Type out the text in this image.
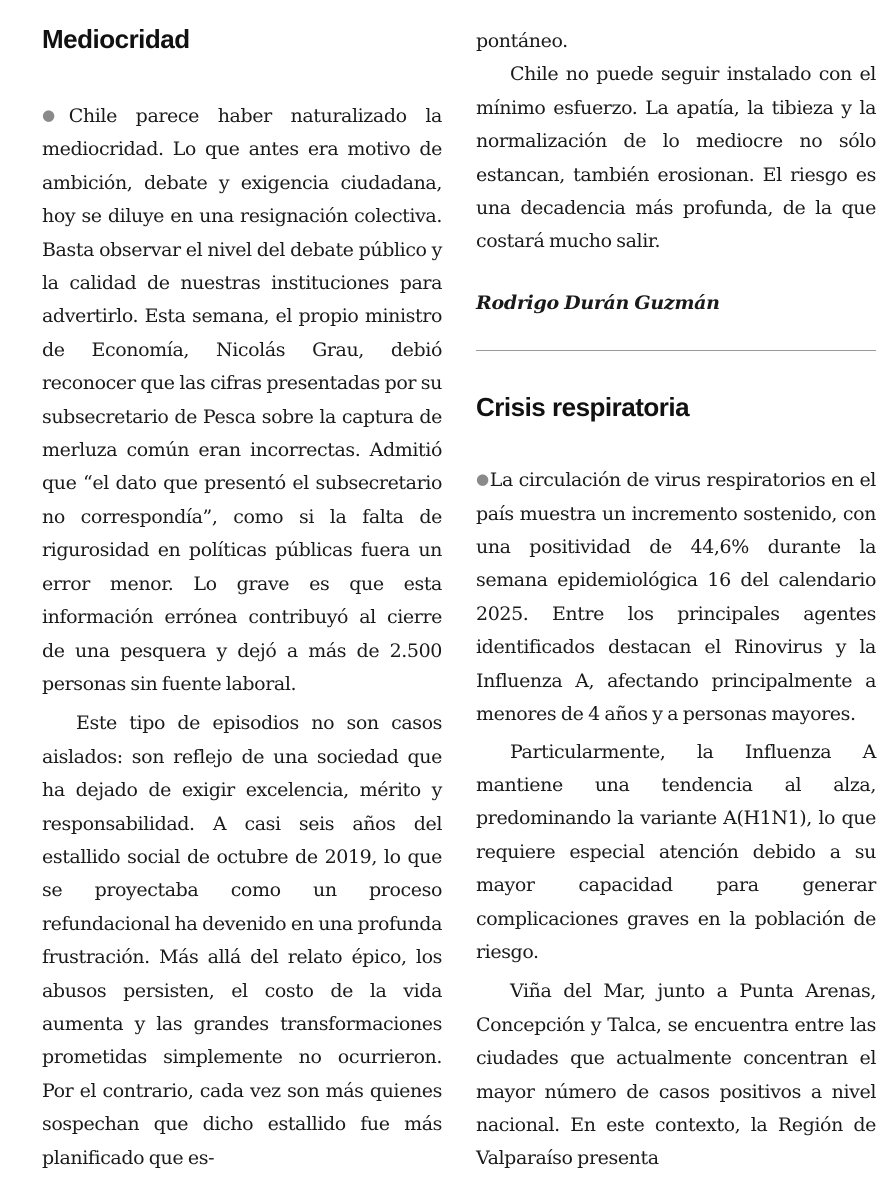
Mediocridad

●Chile parece haber naturalizado la mediocridad. Lo que antes era motivo de ambición, debate y exigencia ciudadana, hoy se diluye en una resignación colectiva. Basta observar el nivel del debate público y la calidad de nuestras instituciones para advertirlo. Esta semana, el propio ministro de Economía, Nicolás Grau, debió reconocer que las cifras presentadas por su subsecretario de Pesca sobre la captura de merluza común eran incorrectas. Admitió que “el dato que presentó el subsecretario no correspondía”, como si la falta de rigurosidad en políticas públicas fuera un error menor. Lo grave es que esta información errónea contribuyó al cierre de una pesquera y dejó a más de 2.500 personas sin fuente laboral.

Este tipo de episodios no son casos aislados: son reflejo de una sociedad que ha dejado de exigir excelencia, mérito y responsabilidad. A casi seis años del estallido social de octubre de 2019, lo que se proyectaba como un proceso refundacional ha devenido en una profunda frustración. Más allá del relato épico, los abusos persisten, el costo de la vida aumenta y las grandes transformaciones prometidas simplemente no ocurrieron. Por el contrario, cada vez son más quienes sospechan que dicho estallido fue más planificado que es-

pontáneo.

Chile no puede seguir instalado con el mínimo esfuerzo. La apatía, la tibieza y la normalización de lo mediocre no sólo estancan, también erosionan. El riesgo es una decadencia más profunda, de la que costará mucho salir.

Rodrigo Durán Guzmán

Crisis respiratoria

●La circulación de virus respiratorios en el país muestra un incremento sostenido, con una positividad de 44,6% durante la semana epidemiológica 16 del calendario 2025. Entre los principales agentes identificados destacan el Rinovirus y la Influenza A, afectando principalmente a menores de 4 años y a personas mayores.

Particularmente, la Influenza A mantiene una tendencia al alza, predominando la variante A(H1N1), lo que requiere especial atención debido a su mayor capacidad para generar complicaciones graves en la población de riesgo.

Viña del Mar, junto a Punta Arenas, Concepción y Talca, se encuentra entre las ciudades que actualmente concentran el mayor número de casos positivos a nivel nacional. En este contexto, la Región de Valparaíso presenta
